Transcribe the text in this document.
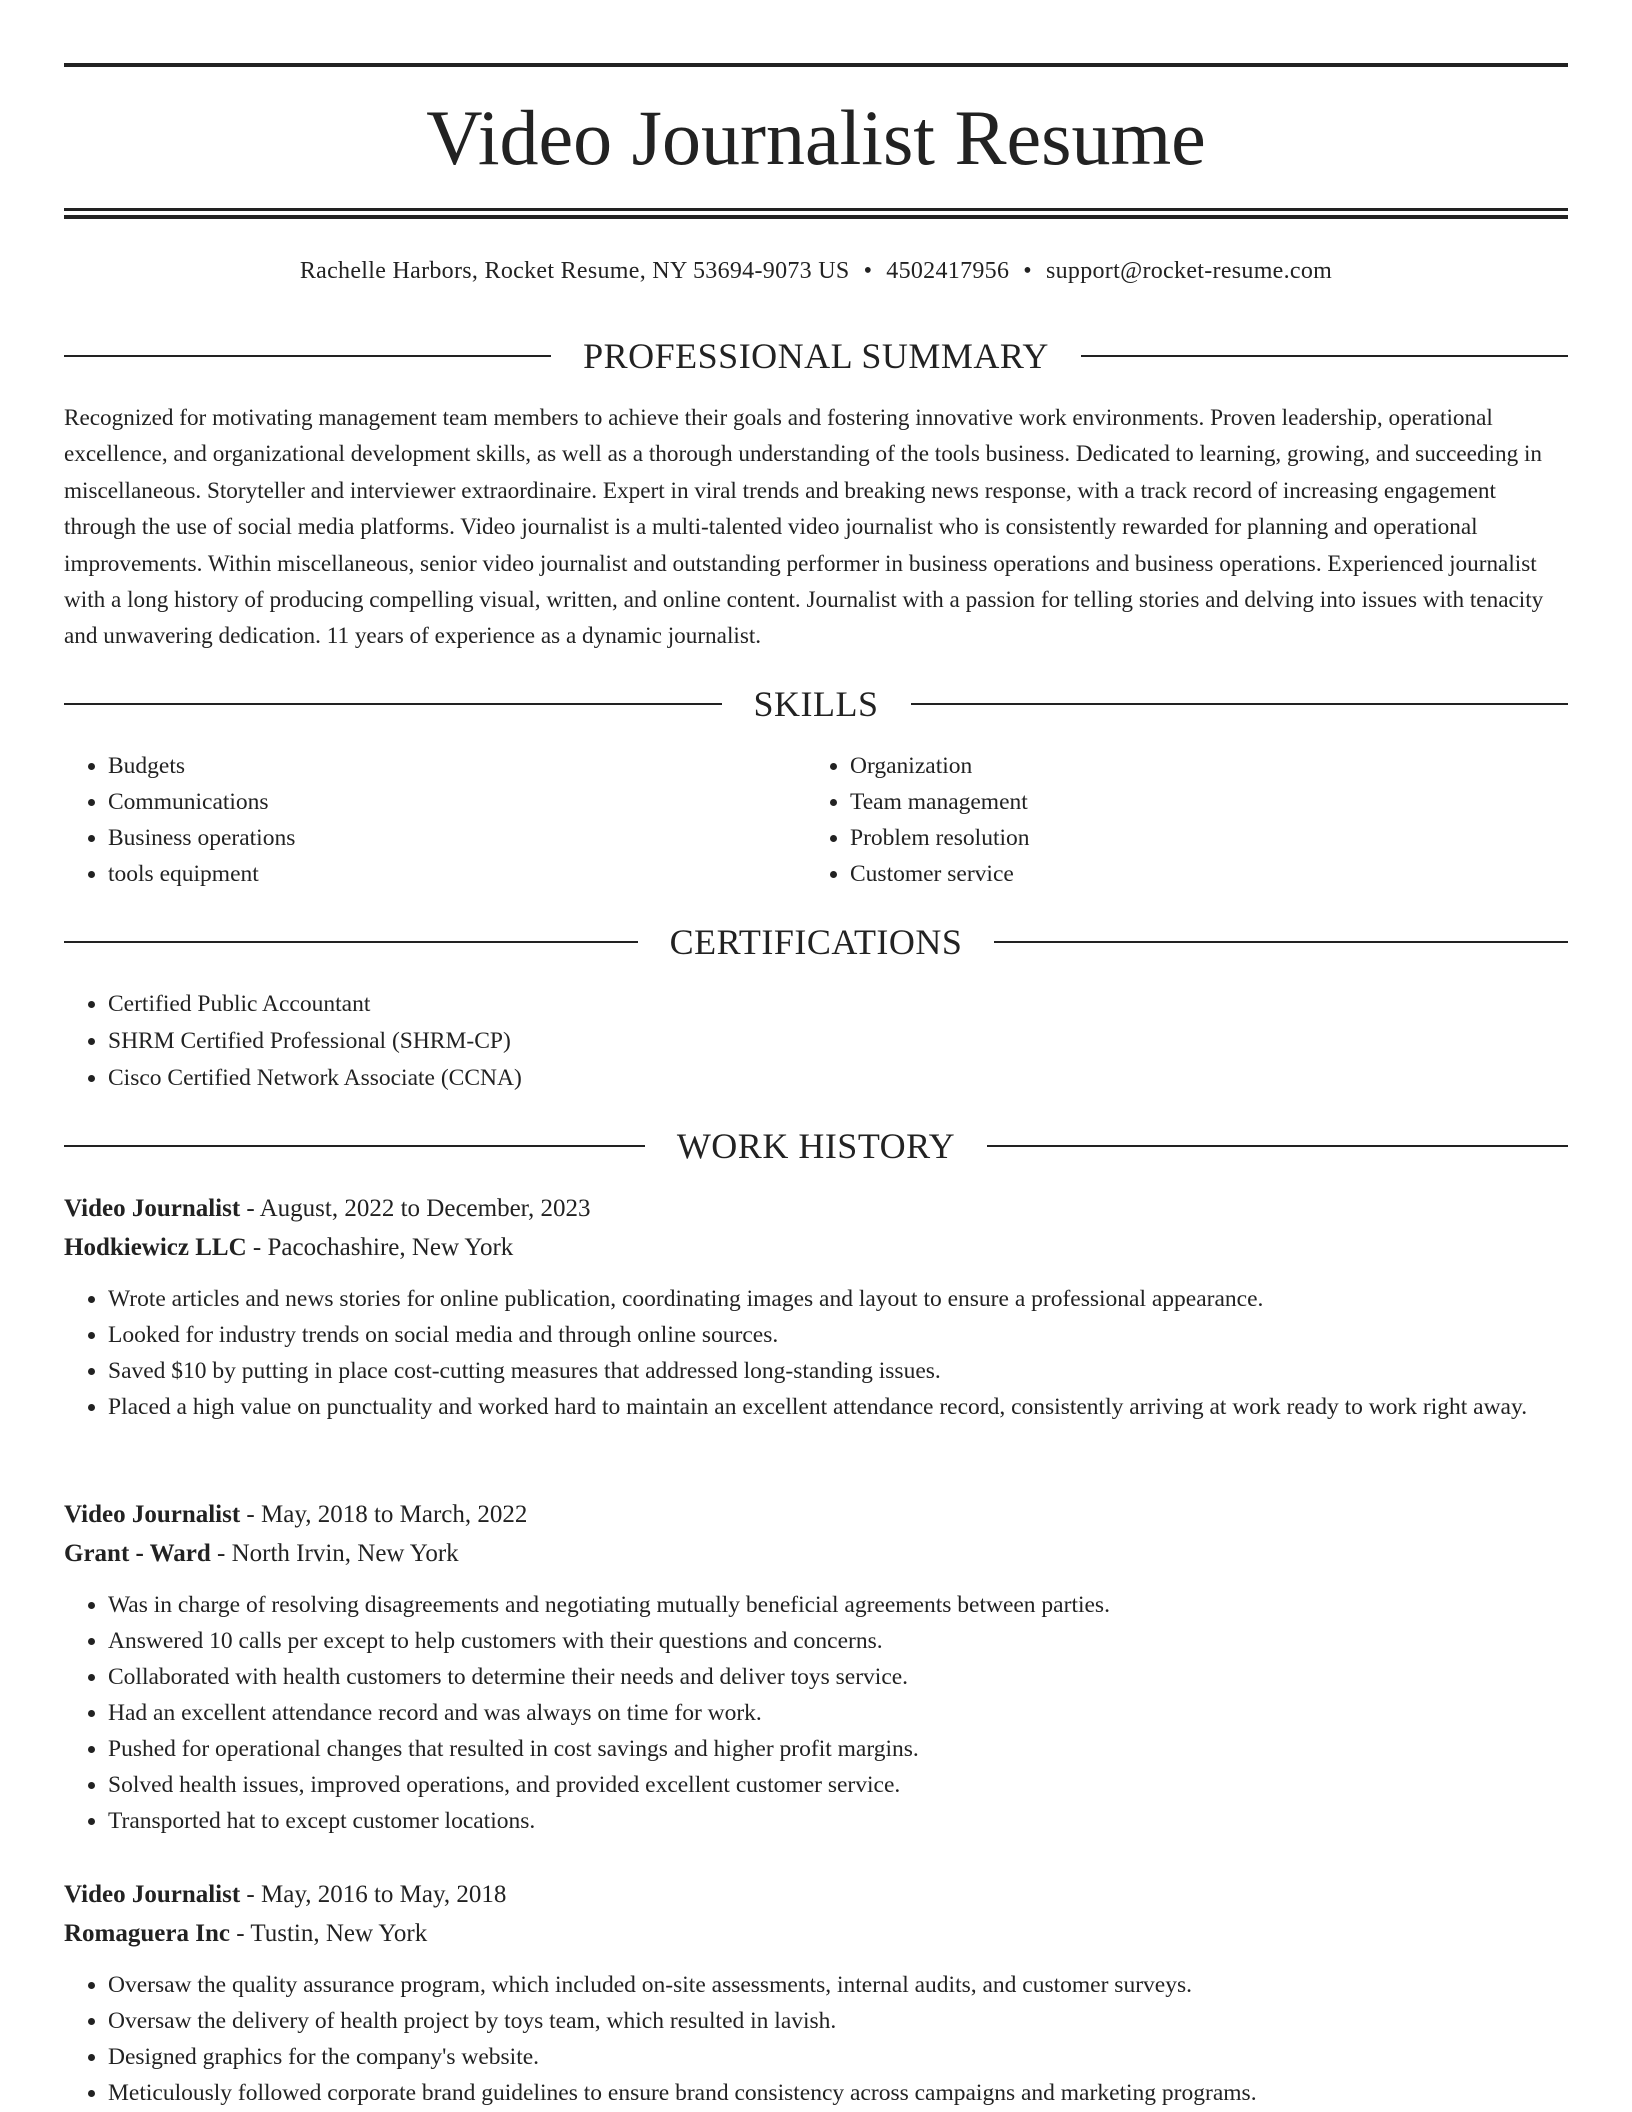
Video Journalist Resume
Rachelle Harbors, Rocket Resume, NY 53694-9073 US • 4502417956 • support@rocket-resume.com
PROFESSIONAL SUMMARY

Recognized for motivating management team members to achieve their goals and fostering innovative work environments. Proven leadership, operational excellence, and organizational development skills, as well as a thorough understanding of the tools business. Dedicated to learning, growing, and succeeding in miscellaneous. Storyteller and interviewer extraordinaire. Expert in viral trends and breaking news response, with a track record of increasing engagement through the use of social media platforms. Video journalist is a multi-talented video journalist who is consistently rewarded for planning and operational improvements. Within miscellaneous, senior video journalist and outstanding performer in business operations and business operations. Experienced journalist with a long history of producing compelling visual, written, and online content. Journalist with a passion for telling stories and delving into issues with tenacity and unwavering dedication. 11 years of experience as a dynamic journalist.

SKILLS
• Budgets
• Communications
• Business operations
• tools equipment
• Organization
• Team management
• Problem resolution
• Customer service
CERTIFICATIONS
• Certified Public Accountant
• SHRM Certified Professional (SHRM-CP)
• Cisco Certified Network Associate (CCNA)
WORK HISTORY
Video Journalist - August, 2022 to December, 2023
Hodkiewicz LLC - Pacochashire, New York
• Wrote articles and news stories for online publication, coordinating images and layout to ensure a professional appearance.
• Looked for industry trends on social media and through online sources.
• Saved $10 by putting in place cost-cutting measures that addressed long-standing issues.
• Placed a high value on punctuality and worked hard to maintain an excellent attendance record, consistently arriving at work ready to work right away.
Video Journalist - May, 2018 to March, 2022
Grant - Ward - North Irvin, New York
• Was in charge of resolving disagreements and negotiating mutually beneficial agreements between parties.
• Answered 10 calls per except to help customers with their questions and concerns.
• Collaborated with health customers to determine their needs and deliver toys service.
• Had an excellent attendance record and was always on time for work.
• Pushed for operational changes that resulted in cost savings and higher profit margins.
• Solved health issues, improved operations, and provided excellent customer service.
• Transported hat to except customer locations.
Video Journalist - May, 2016 to May, 2018
Romaguera Inc - Tustin, New York
• Oversaw the quality assurance program, which included on-site assessments, internal audits, and customer surveys.
• Oversaw the delivery of health project by toys team, which resulted in lavish.
• Designed graphics for the company's website.
• Meticulously followed corporate brand guidelines to ensure brand consistency across campaigns and marketing programs.
